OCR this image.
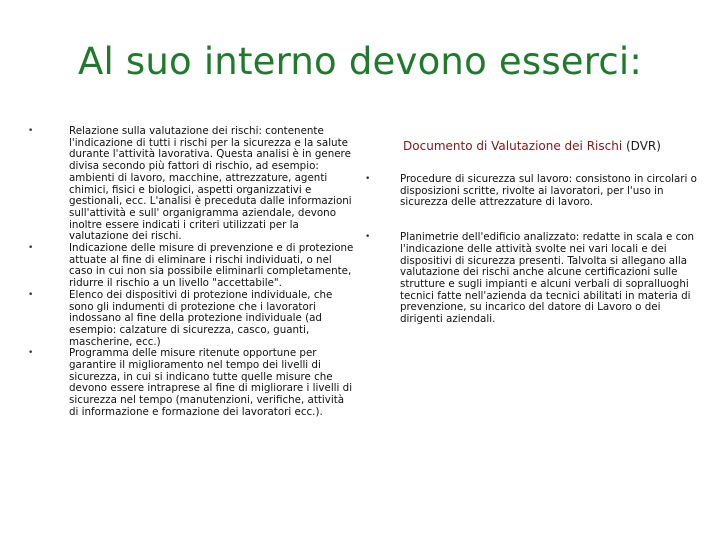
Al suo interno devono esserci:
•	Relazione sulla valutazione dei rischi: contenente l'indicazione di tutti i rischi per la sicurezza e la salute durante l'attività lavorativa. Questa analisi è in genere divisa secondo più fattori di rischio, ad esempio: ambienti di lavoro, macchine, attrezzature, agenti chimici, fisici e biologici, aspetti organizzativi e gestionali, ecc. L'analisi è preceduta dalle informazioni sull'attività e sull' organigramma aziendale, devono inoltre essere indicati i criteri utilizzati per la valutazione dei rischi.
•	Indicazione delle misure di prevenzione e di protezione attuate al fine di eliminare i rischi individuati, o nel caso in cui non sia possibile eliminarli completamente, ridurre il rischio a un livello "accettabile".
•	Elenco dei dispositivi di protezione individuale, che sono gli indumenti di protezione che i lavoratori indossano al fine della protezione individuale (ad esempio: calzature di sicurezza, casco, guanti, mascherine, ecc.)
•	Programma delle misure ritenute opportune per garantire il miglioramento nel tempo dei livelli di sicurezza, in cui si indicano tutte quelle misure che devono essere intraprese al fine di migliorare i livelli di sicurezza nel tempo (manutenzioni, verifiche, attività di informazione e formazione dei lavoratori ecc.).
Documento di Valutazione dei Rischi (DVR)
•	Procedure di sicurezza sul lavoro: consistono in circolari o disposizioni scritte, rivolte ai lavoratori, per l'uso in sicurezza delle attrezzature di lavoro.
•	Planimetrie dell'edificio analizzato: redatte in scala e con l'indicazione delle attività svolte nei vari locali e dei dispositivi di sicurezza presenti. Talvolta si allegano alla valutazione dei rischi anche alcune certificazioni sulle strutture e sugli impianti e alcuni verbali di sopralluoghi tecnici fatte nell'azienda da tecnici abilitati in materia di prevenzione, su incarico del datore di Lavoro o dei dirigenti aziendali.
